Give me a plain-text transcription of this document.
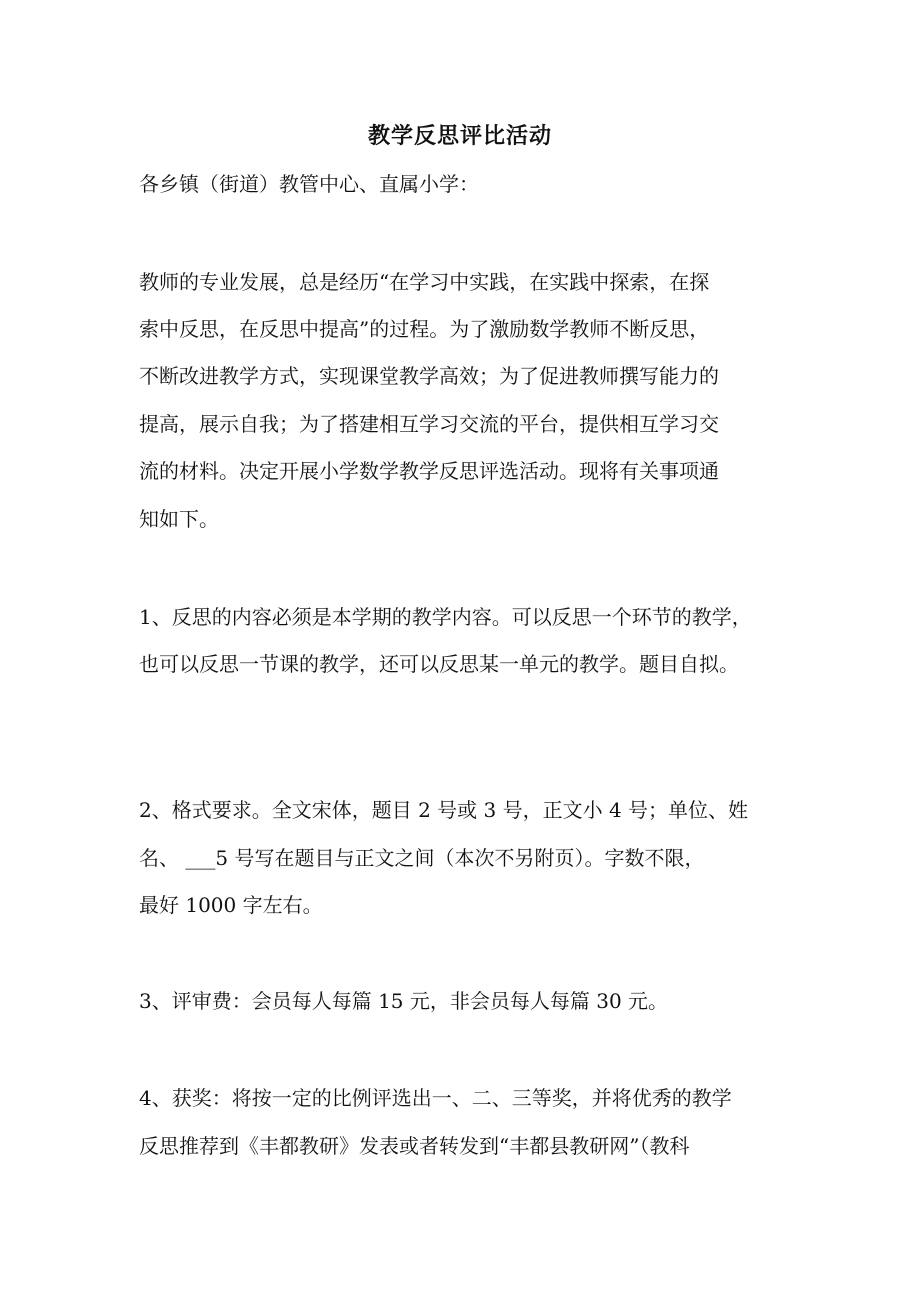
教学反思评比活动
各乡镇（街道）教管中心、直属小学：
教师的专业发展，总是经历“在学习中实践，在实践中探索，在探
索中反思，在反思中提高”的过程。为了激励数学教师不断反思，
不断改进教学方式，实现课堂教学高效；为了促进教师撰写能力的
提高，展示自我；为了搭建相互学习交流的平台，提供相互学习交
流的材料。决定开展小学数学教学反思评选活动。现将有关事项通
知如下。
1、反思的内容必须是本学期的教学内容。可以反思一个环节的教学，
也可以反思一节课的教学，还可以反思某一单元的教学。题目自拟。
2、格式要求。全文宋体，题目 2 号或 3 号，正文小 4 号；单位、姓
名、 ___5 号写在题目与正文之间（本次不另附页）。字数不限，
最好 1000 字左右。
3、评审费：会员每人每篇 15 元，非会员每人每篇 30 元。
4、获奖：将按一定的比例评选出一、二、三等奖，并将优秀的教学
反思推荐到《丰都教研》发表或者转发到“丰都县教研网”（教科
